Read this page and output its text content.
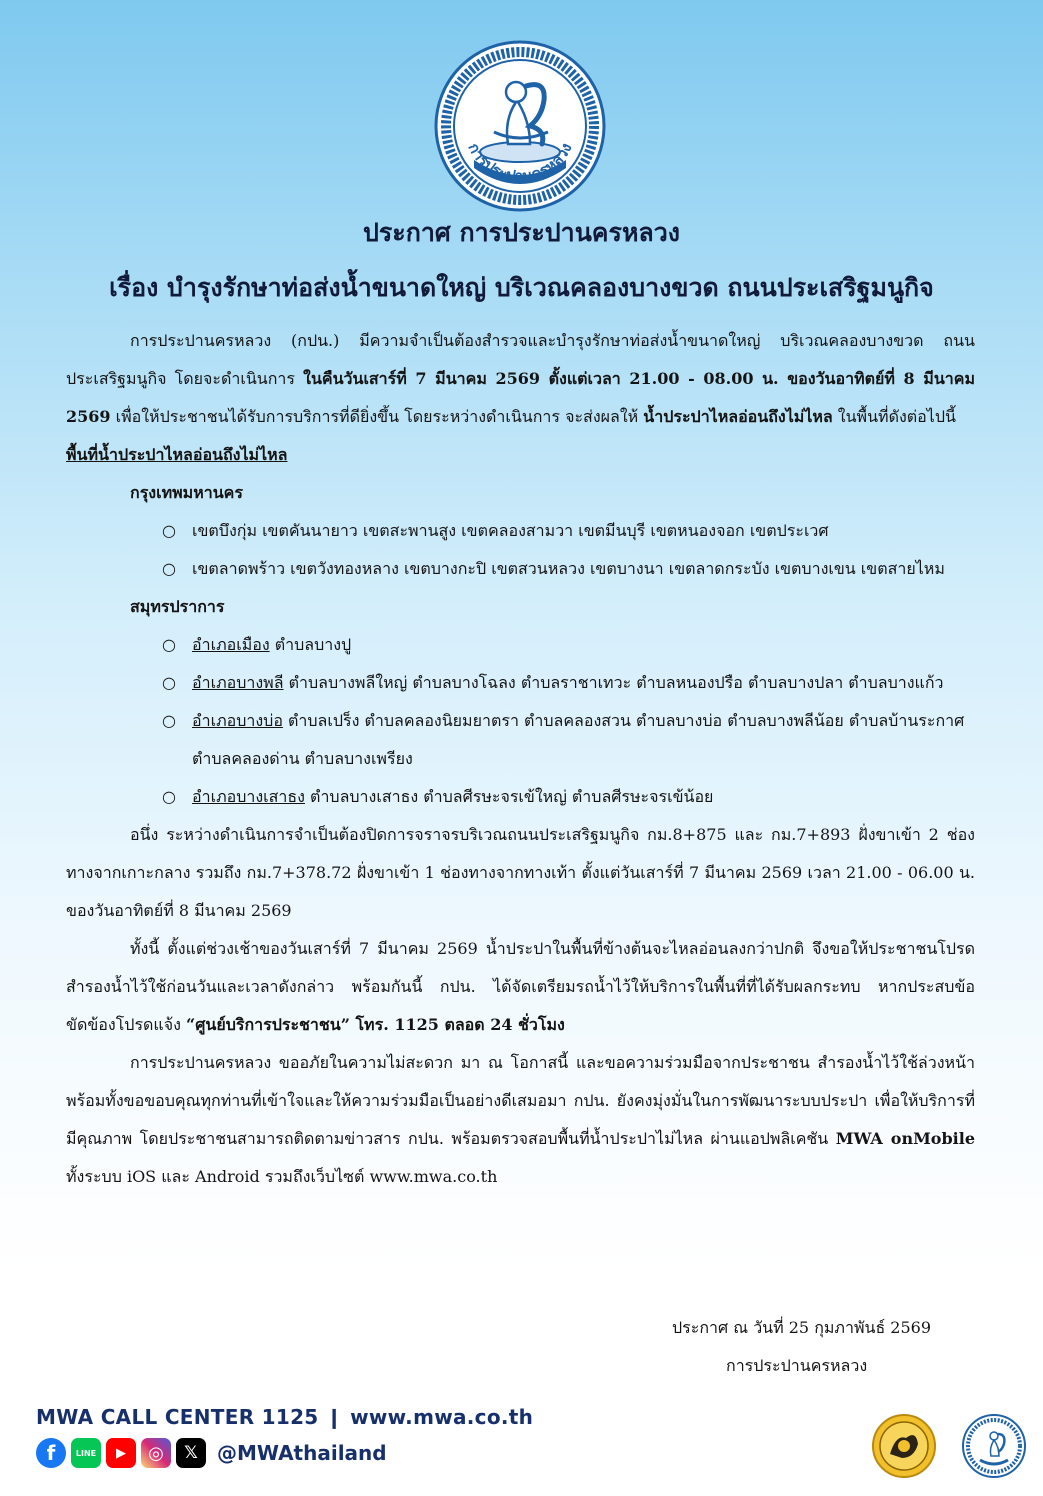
การประปานครหลวง
ประกาศ การประปานครหลวง
เรื่อง บำรุงรักษาท่อส่งน้ำขนาดใหญ่ บริเวณคลองบางขวด ถนนประเสริฐมนูกิจ

การประปานครหลวง (กปน.) มีความจำเป็นต้องสำรวจและบำรุงรักษาท่อส่งน้ำขนาดใหญ่ บริเวณคลองบางขวด ถนนประเสริฐมนูกิจ โดยจะดำเนินการ ในคืนวันเสาร์ที่ 7 มีนาคม 2569 ตั้งแต่เวลา 21.00 - 08.00 น. ของวันอาทิตย์ที่ 8 มีนาคม 2569 เพื่อให้ประชาชนได้รับการบริการที่ดียิ่งขึ้น โดยระหว่างดำเนินการ จะส่งผลให้ น้ำประปาไหลอ่อนถึงไม่ไหล ในพื้นที่ดังต่อไปนี้

พื้นที่น้ำประปาไหลอ่อนถึงไม่ไหล
กรุงเทพมหานคร
○ เขตบึงกุ่ม เขตคันนายาว เขตสะพานสูง เขตคลองสามวา เขตมีนบุรี เขตหนองจอก เขตประเวศ
○ เขตลาดพร้าว เขตวังทองหลาง เขตบางกะปิ เขตสวนหลวง เขตบางนา เขตลาดกระบัง เขตบางเขน เขตสายไหม
สมุทรปราการ
○ อำเภอเมือง ตำบลบางปู
○ อำเภอบางพลี ตำบลบางพลีใหญ่ ตำบลบางโฉลง ตำบลราชาเทวะ ตำบลหนองปรือ ตำบลบางปลา ตำบลบางแก้ว
○ อำเภอบางบ่อ ตำบลเปร็ง ตำบลคลองนิยมยาตรา ตำบลคลองสวน ตำบลบางบ่อ ตำบลบางพลีน้อย ตำบลบ้านระกาศ ตำบลคลองด่าน ตำบลบางเพรียง
○ อำเภอบางเสาธง ตำบลบางเสาธง ตำบลศีรษะจรเข้ใหญ่ ตำบลศีรษะจรเข้น้อย

อนึ่ง ระหว่างดำเนินการจำเป็นต้องปิดการจราจรบริเวณถนนประเสริฐมนูกิจ กม.8+875 และ กม.7+893 ฝั่งขาเข้า 2 ช่องทางจากเกาะกลาง รวมถึง กม.7+378.72 ฝั่งขาเข้า 1 ช่องทางจากทางเท้า ตั้งแต่วันเสาร์ที่ 7 มีนาคม 2569 เวลา 21.00 - 06.00 น. ของวันอาทิตย์ที่ 8 มีนาคม 2569

ทั้งนี้ ตั้งแต่ช่วงเช้าของวันเสาร์ที่ 7 มีนาคม 2569 น้ำประปาในพื้นที่ข้างต้นจะไหลอ่อนลงกว่าปกติ จึงขอให้ประชาชนโปรดสำรองน้ำไว้ใช้ก่อนวันและเวลาดังกล่าว พร้อมกันนี้ กปน. ได้จัดเตรียมรถน้ำไว้ให้บริการในพื้นที่ที่ได้รับผลกระทบ หากประสบข้อขัดข้องโปรดแจ้ง “ศูนย์บริการประชาชน” โทร. 1125 ตลอด 24 ชั่วโมง

การประปานครหลวง ขออภัยในความไม่สะดวก มา ณ โอกาสนี้ และขอความร่วมมือจากประชาชน สำรองน้ำไว้ใช้ล่วงหน้า พร้อมทั้งขอขอบคุณทุกท่านที่เข้าใจและให้ความร่วมมือเป็นอย่างดีเสมอมา กปน. ยังคงมุ่งมั่นในการพัฒนาระบบประปา เพื่อให้บริการที่มีคุณภาพ โดยประชาชนสามารถติดตามข่าวสาร กปน. พร้อมตรวจสอบพื้นที่น้ำประปาไม่ไหล ผ่านแอปพลิเคชัน MWA onMobile ทั้งระบบ iOS และ Android รวมถึงเว็บไซต์ www.mwa.co.th

ประกาศ ณ วันที่ 25 กุมภาพันธ์ 2569
การประปานครหลวง
MWA CALL CENTER 1125 ❙ www.mwa.co.th
f	LINE	▶	◎	𝕏 @MWAthailand
